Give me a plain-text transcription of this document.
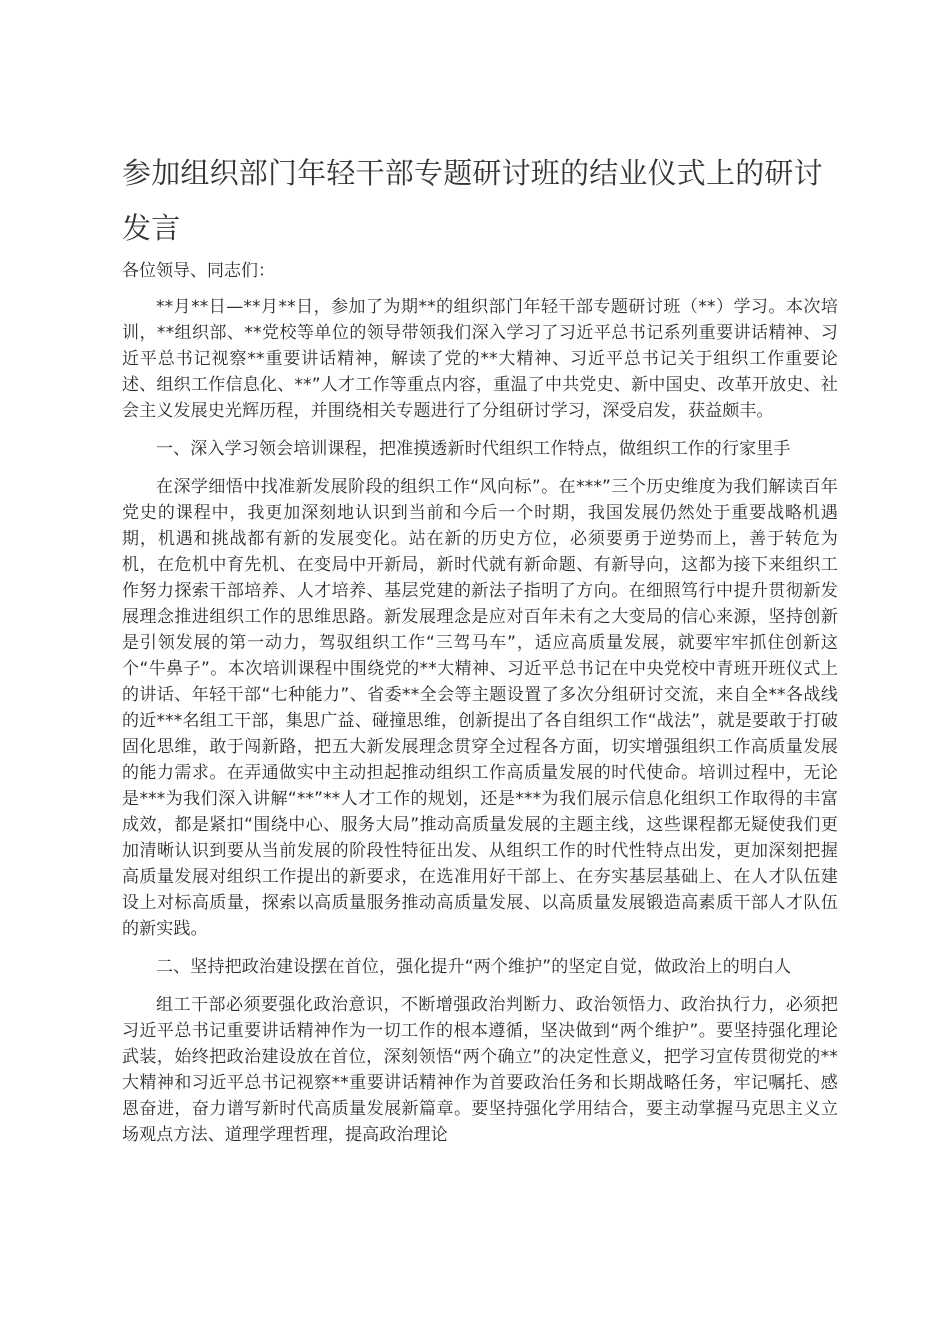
参加组织部门年轻干部专题研讨班的结业仪式上的研讨发言

各位领导、同志们：

**月**日—**月**日，参加了为期**的组织部门年轻干部专题研讨班（**）学习。本次培训，**组织部、**党校等单位的领导带领我们深入学习了习近平总书记系列重要讲话精神、习近平总书记视察**重要讲话精神，解读了党的**大精神、习近平总书记关于组织工作重要论述、组织工作信息化、**”人才工作等重点内容，重温了中共党史、新中国史、改革开放史、社会主义发展史光辉历程，并围绕相关专题进行了分组研讨学习，深受启发，获益颇丰。

一、深入学习领会培训课程，把准摸透新时代组织工作特点，做组织工作的行家里手

在深学细悟中找准新发展阶段的组织工作“风向标”。在***”三个历史维度为我们解读百年党史的课程中，我更加深刻地认识到当前和今后一个时期，我国发展仍然处于重要战略机遇期，机遇和挑战都有新的发展变化。站在新的历史方位，必须要勇于逆势而上，善于转危为机，在危机中育先机、在变局中开新局，新时代就有新命题、有新导向，这都为接下来组织工作努力探索干部培养、人才培养、基层党建的新法子指明了方向。在细照笃行中提升贯彻新发展理念推进组织工作的思维思路。新发展理念是应对百年未有之大变局的信心来源，坚持创新是引领发展的第一动力，驾驭组织工作“三驾马车”，适应高质量发展，就要牢牢抓住创新这个“牛鼻子”。本次培训课程中围绕党的**大精神、习近平总书记在中央党校中青班开班仪式上的讲话、年轻干部“七种能力”、省委**全会等主题设置了多次分组研讨交流，来自全**各战线的近***名组工干部，集思广益、碰撞思维，创新提出了各自组织工作“战法”，就是要敢于打破固化思维，敢于闯新路，把五大新发展理念贯穿全过程各方面，切实增强组织工作高质量发展的能力需求。在弄通做实中主动担起推动组织工作高质量发展的时代使命。培训过程中，无论是***为我们深入讲解“**”**人才工作的规划，还是***为我们展示信息化组织工作取得的丰富成效，都是紧扣“围绕中心、服务大局”推动高质量发展的主题主线，这些课程都无疑使我们更加清晰认识到要从当前发展的阶段性特征出发、从组织工作的时代性特点出发，更加深刻把握高质量发展对组织工作提出的新要求，在选准用好干部上、在夯实基层基础上、在人才队伍建设上对标高质量，探索以高质量服务推动高质量发展、以高质量发展锻造高素质干部人才队伍的新实践。

二、坚持把政治建设摆在首位，强化提升“两个维护”的坚定自觉，做政治上的明白人

组工干部必须要强化政治意识，不断增强政治判断力、政治领悟力、政治执行力，必须把习近平总书记重要讲话精神作为一切工作的根本遵循，坚决做到“两个维护”。要坚持强化理论武装，始终把政治建设放在首位，深刻领悟“两个确立”的决定性意义，把学习宣传贯彻党的**大精神和习近平总书记视察**重要讲话精神作为首要政治任务和长期战略任务，牢记嘱托、感恩奋进，奋力谱写新时代高质量发展新篇章。要坚持强化学用结合，要主动掌握马克思主义立场观点方法、道理学理哲理，提高政治理论
